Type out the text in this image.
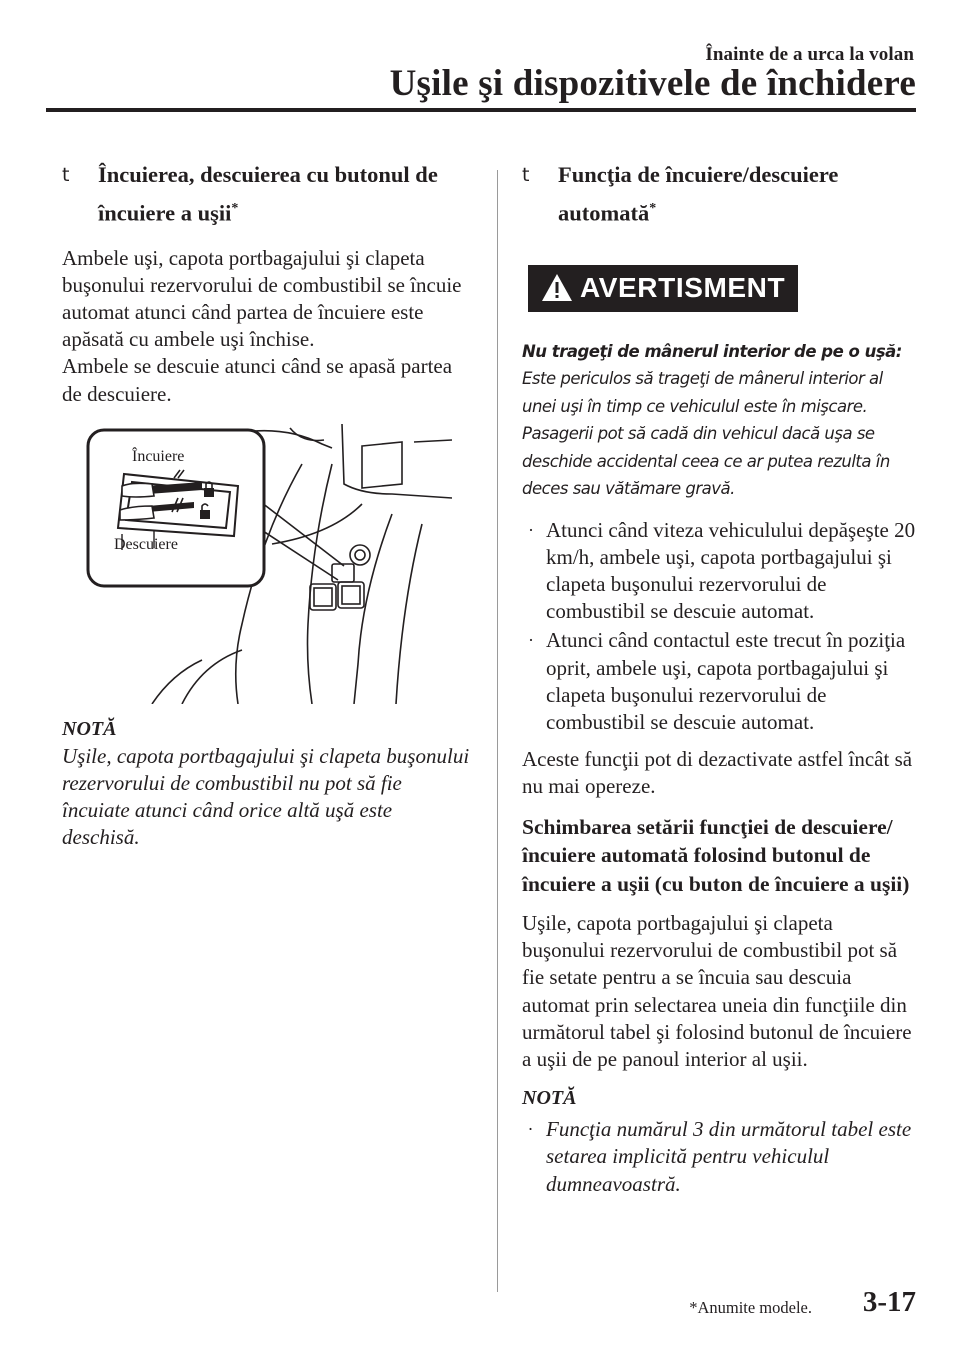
Înainte de a urca la volan
Uşile şi dispozitivele de închidere
t	Încuierea, descuierea cu butonul de
încuiere a uşii*

Ambele uşi, capota portbagajului şi clapeta buşonului rezervorului de combustibil se încuie automat atunci când partea de încuiere este apăsată cu ambele uşi închise.

Ambele se descuie atunci când se apasă partea de descuiere.

Încuiere
Descuiere
NOTĂ
Uşile, capota portbagajului şi clapeta buşonului rezervorului de combustibil nu pot să fie încuiate atunci când orice altă uşă este deschisă.
t	Funcţia de încuiere/descuiere
automată*
AVERTISMENT
Nu trageţi de mânerul interior de pe o uşă:
Este periculos să trageţi de mânerul interior al unei uşi în timp ce vehiculul este în mişcare. Pasagerii pot să cadă din vehicul dacă uşa se deschide accidental ceea ce ar putea rezulta în deces sau vătămare gravă.
· Atunci când viteza vehiculului depăşeşte 20 km/h, ambele uşi, capota portbagajului şi clapeta buşonului rezervorului de combustibil se descuie automat.
· Atunci când contactul este trecut în poziţia oprit, ambele uşi, capota portbagajului şi clapeta buşonului rezervorului de combustibil se descuie automat.

Aceste funcţii pot di dezactivate astfel încât să nu mai opereze.

Schimbarea setării funcţiei de descuiere/încuiere automată folosind butonul de încuiere a uşii (cu buton de încuiere a uşii)

Uşile, capota portbagajului şi clapeta buşonului rezervorului de combustibil pot să fie setate pentru a se încuia sau descuia automat prin selectarea uneia din funcţiile din următorul tabel şi folosind butonul de încuiere a uşii de pe panoul interior al uşii.

NOTĂ
· Funcţia numărul 3 din următorul tabel este setarea implicită pentru vehiculul dumneavoastră.
*Anumite modele. 3-17
